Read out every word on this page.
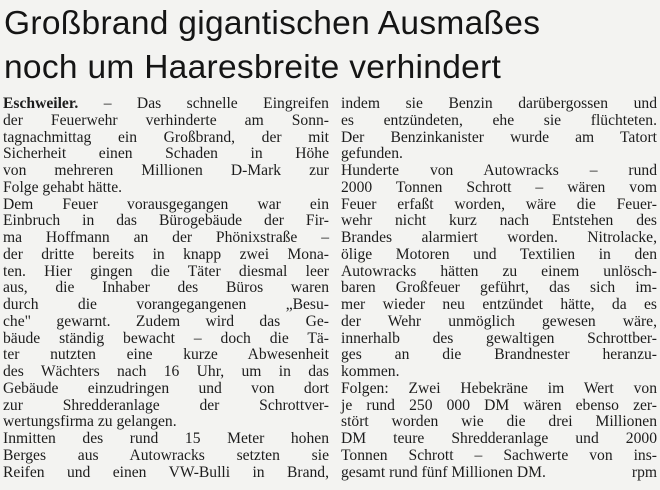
Großbrand gigantischen Ausmaßes
noch um Haaresbreite verhindert
Eschweiler. – Das schnelle Eingreifen
der Feuerwehr verhinderte am Sonn-
tagnachmittag ein Großbrand, der mit
Sicherheit einen Schaden in Höhe
von mehreren Millionen D-Mark zur
Folge gehabt hätte.
Dem Feuer vorausgegangen war ein
Einbruch in das Bürogebäude der Fir-
ma Hoffmann an der Phönixstraße –
der dritte bereits in knapp zwei Mona-
ten. Hier gingen die Täter diesmal leer
aus, die Inhaber des Büros waren
durch die vorangegangenen „Besu-
che" gewarnt. Zudem wird das Ge-
bäude ständig bewacht – doch die Tä-
ter nutzten eine kurze Abwesenheit
des Wächters nach 16 Uhr, um in das
Gebäude einzudringen und von dort
zur Shredderanlage der Schrottver-
wertungsfirma zu gelangen.
Inmitten des rund 15 Meter hohen
Berges aus Autowracks setzten sie
Reifen und einen VW-Bulli in Brand,
indem sie Benzin darübergossen und
es entzündeten, ehe sie flüchteten.
Der Benzinkanister wurde am Tatort
gefunden.
Hunderte von Autowracks – rund
2000 Tonnen Schrott – wären vom
Feuer erfaßt worden, wäre die Feuer-
wehr nicht kurz nach Entstehen des
Brandes alarmiert worden. Nitrolacke,
ölige Motoren und Textilien in den
Autowracks hätten zu einem unlösch-
baren Großfeuer geführt, das sich im-
mer wieder neu entzündet hätte, da es
der Wehr unmöglich gewesen wäre,
innerhalb des gewaltigen Schrottber-
ges an die Brandnester heranzu-
kommen.
Folgen: Zwei Hebekräne im Wert von
je rund 250 000 DM wären ebenso zer-
stört worden wie die drei Millionen
DM teure Shredderanlage und 2000
Tonnen Schrott – Sachwerte von ins-
gesamt rund fünf Millionen DM.	rpm
